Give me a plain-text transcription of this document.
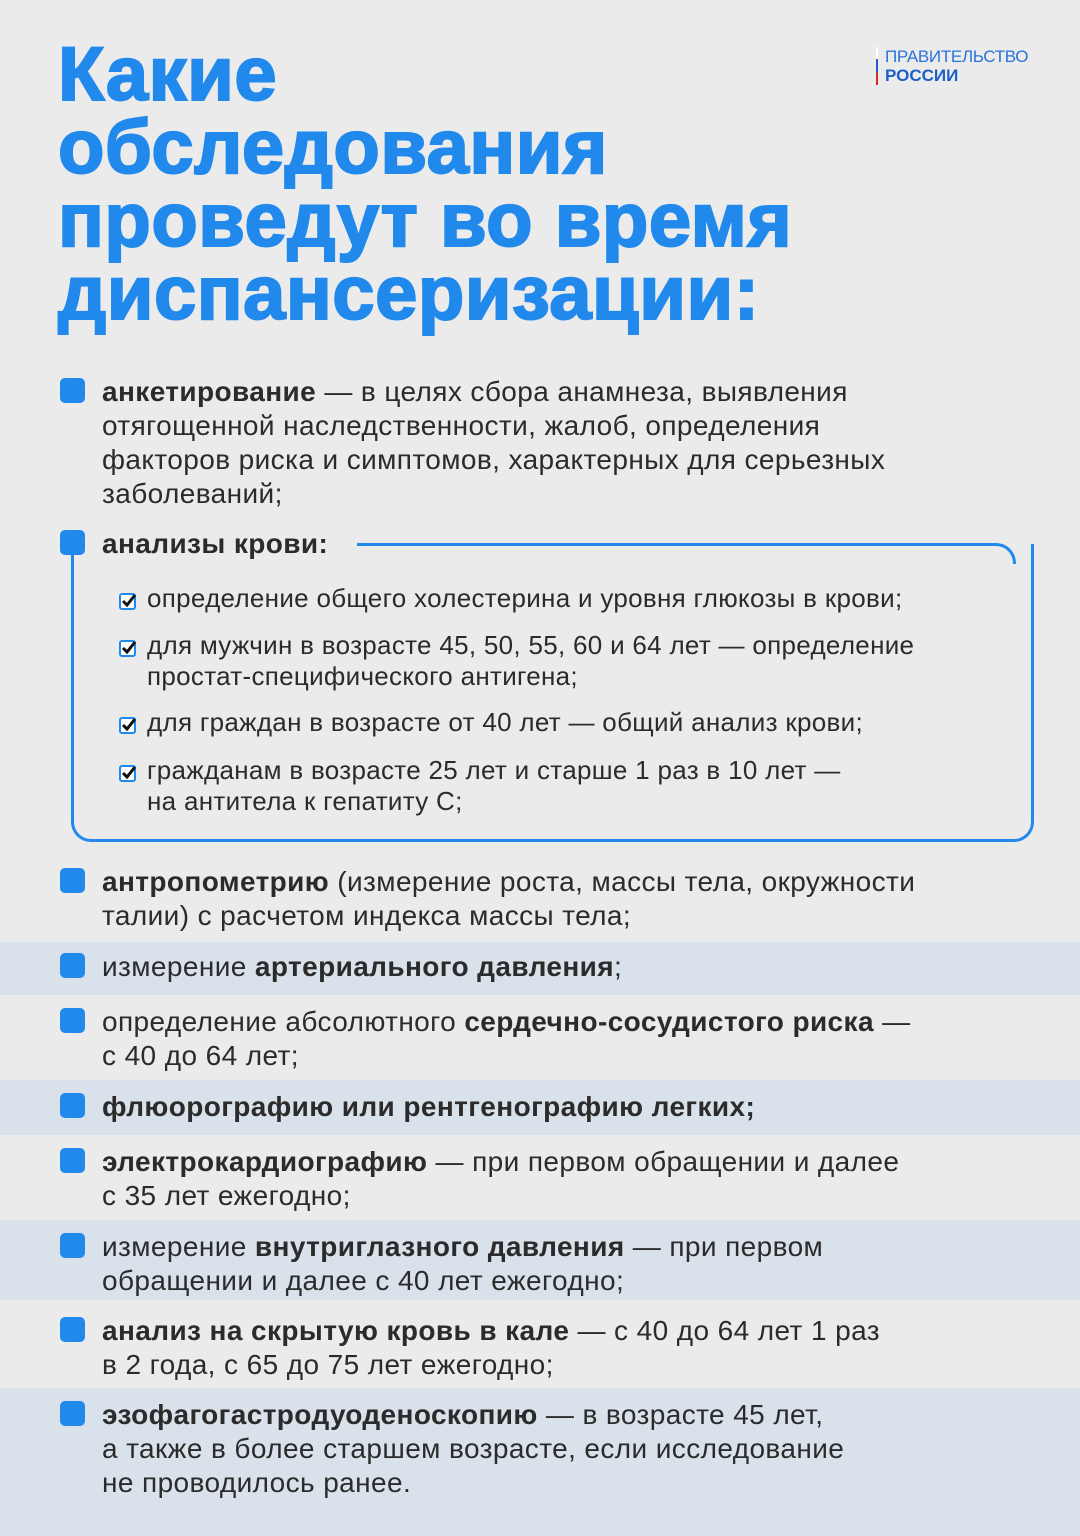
Какие
обследования
проведут во время
диспансеризации:
ПРАВИТЕЛЬСТВО
РОССИИ
анкетирование — в целях сбора анамнеза, выявления
отягощенной наследственности, жалоб, определения
факторов риска и симптомов, характерных для серьезных
заболеваний;
анализы крови:
антропометрию (измерение роста, массы тела, окружности
талии) с расчетом индекса массы тела;
измерение артериального давления;
определение абсолютного сердечно-сосудистого риска —
с 40 до 64 лет;
флюорографию или рентгенографию легких;
электрокардиографию — при первом обращении и далее
с 35 лет ежегодно;
измерение внутриглазного давления — при первом
обращении и далее с 40 лет ежегодно;
анализ на скрытую кровь в кале — с 40 до 64 лет 1 раз
в 2 года, с 65 до 75 лет ежегодно;
эзофагогастродуоденоскопию — в возрасте 45 лет,
а также в более старшем возрасте, если исследование
не проводилось ранее.
определение общего холестерина и уровня глюкозы в крови;
для мужчин в возрасте 45, 50, 55, 60 и 64 лет — определение
простат-специфического антигена;
для граждан в возрасте от 40 лет — общий анализ крови;
гражданам в возрасте 25 лет и старше 1 раз в 10 лет —
на антитела к гепатиту С;
